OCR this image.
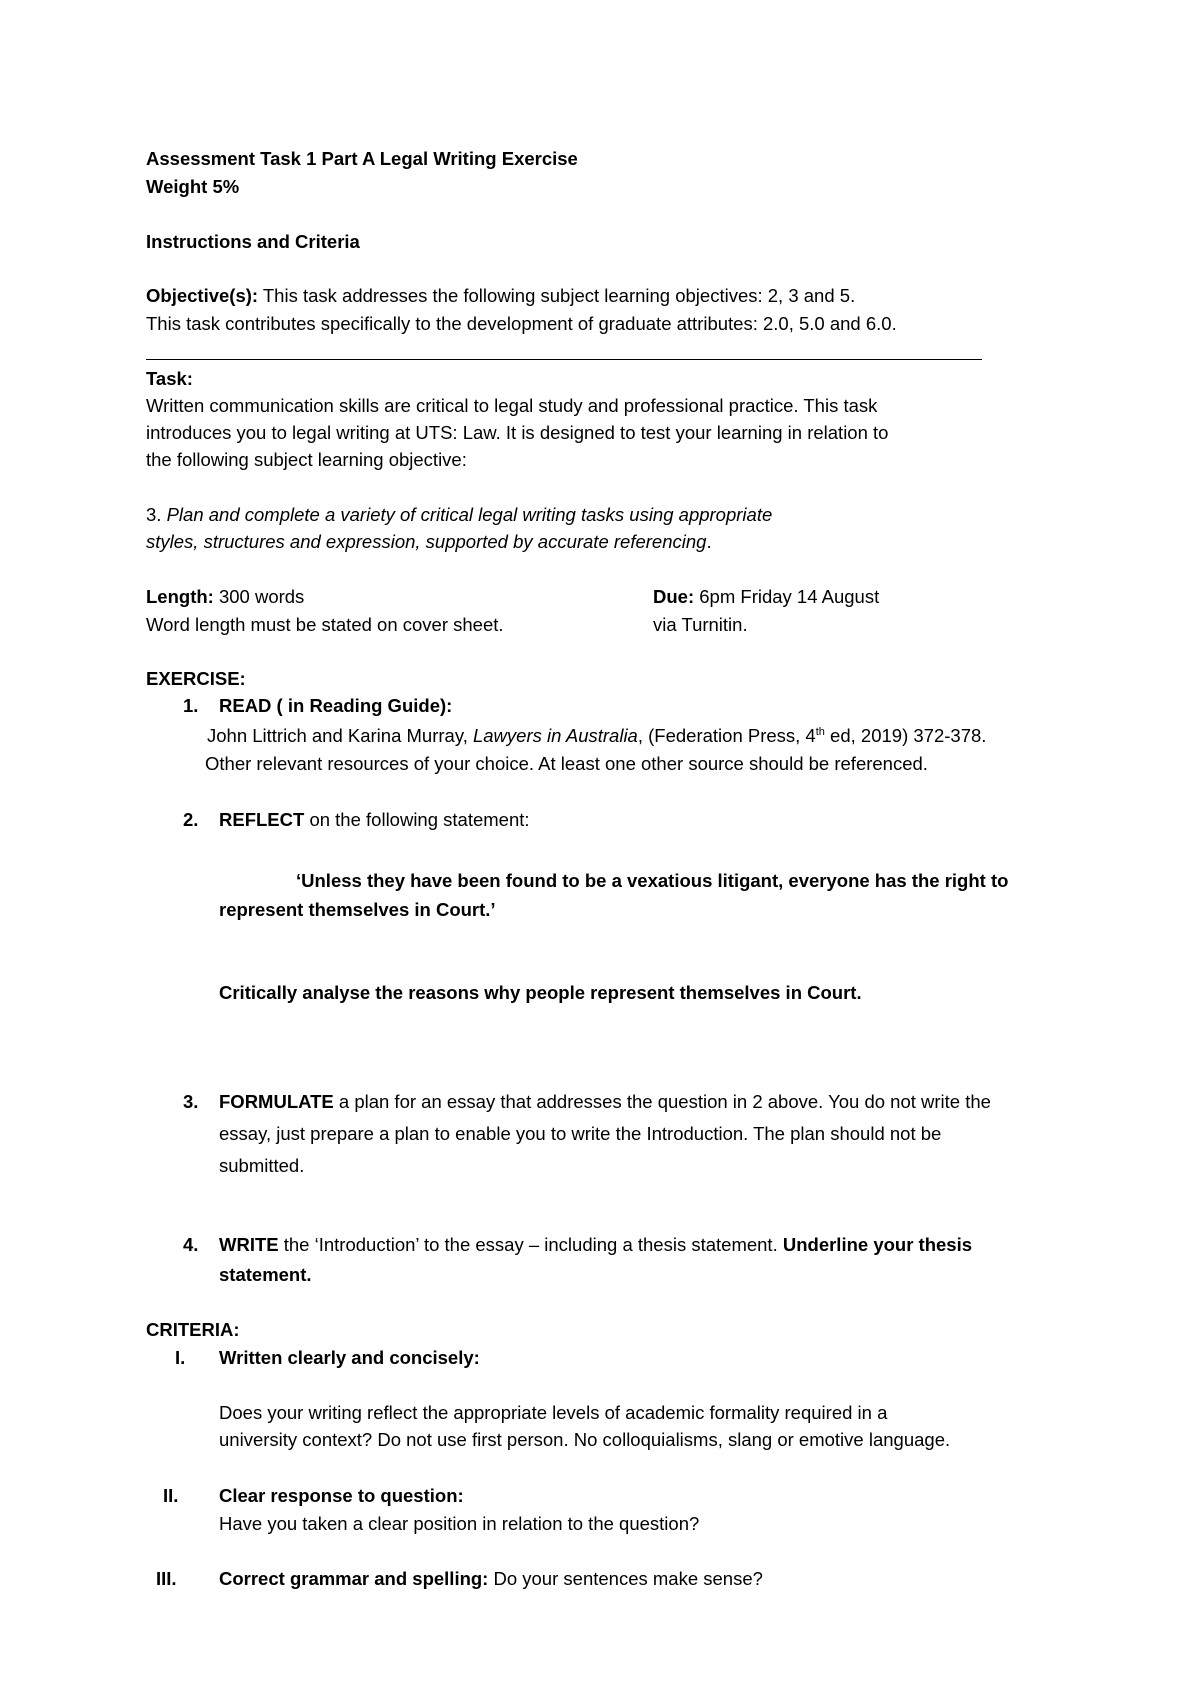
Assessment Task 1 Part A Legal Writing Exercise
Weight 5%
Instructions and Criteria
Objective(s): This task addresses the following subject learning objectives: 2, 3 and 5.
This task contributes specifically to the development of graduate attributes: 2.0, 5.0 and 6.0.
Task:
Written communication skills are critical to legal study and professional practice. This task
introduces you to legal writing at UTS: Law. It is designed to test your learning in relation to
the following subject learning objective:
3. Plan and complete a variety of critical legal writing tasks using appropriate
styles, structures and expression, supported by accurate referencing.
Length: 300 words
Word length must be stated on cover sheet.
Due: 6pm Friday 14 August
via Turnitin.
EXERCISE:
1. READ ( in Reading Guide):
John Littrich and Karina Murray, Lawyers in Australia, (Federation Press, 4th ed, 2019) 372-378.
Other relevant resources of your choice. At least one other source should be referenced.
2. REFLECT on the following statement:
‘Unless they have been found to be a vexatious litigant, everyone has the right to
represent themselves in Court.’
Critically analyse the reasons why people represent themselves in Court.
3. FORMULATE a plan for an essay that addresses the question in 2 above. You do not write the
essay, just prepare a plan to enable you to write the Introduction. The plan should not be
submitted.
4. WRITE the ‘Introduction’ to the essay – including a thesis statement. Underline your thesis
statement.
CRITERIA:
I. Written clearly and concisely:
Does your writing reflect the appropriate levels of academic formality required in a
university context? Do not use first person. No colloquialisms, slang or emotive language.
II. Clear response to question:
Have you taken a clear position in relation to the question?
III. Correct grammar and spelling: Do your sentences make sense?
